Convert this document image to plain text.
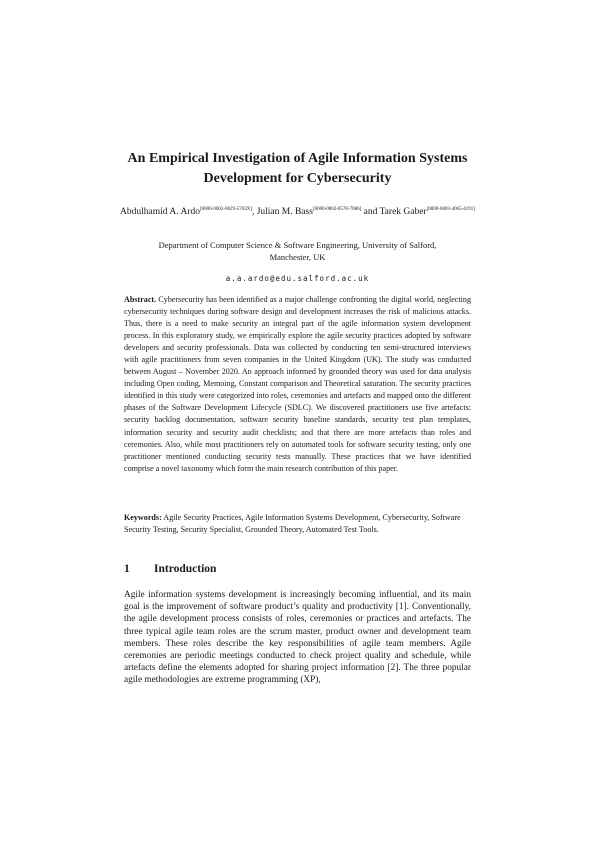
An Empirical Investigation of Agile Information Systems
Development for Cybersecurity
Abdulhamid A. Ardo[0000-0002-0829-5703X], Julian M. Bass[0000-0002-0570-7086] and Tarek Gaber[0000-0003-4065-4191]
Department of Computer Science & Software Engineering, University of Salford, Manchester, UK
a.a.ardo@edu.salford.ac.uk
Abstract. Cybersecurity has been identified as a major challenge confronting the digital world, neglecting cybersecurity techniques during software design and development increases the risk of malicious attacks. Thus, there is a need to make security an integral part of the agile information system development process. In this exploratory study, we empirically explore the agile security practices adopted by software developers and security professionals. Data was collected by conducting ten semi-structured interviews with agile practitioners from seven companies in the United Kingdom (UK). The study was conducted between August – November 2020. An approach informed by grounded theory was used for data analysis including Open coding, Memoing, Constant comparison and Theoretical saturation. The security practices identified in this study were categorized into roles, ceremonies and artefacts and mapped onto the different phases of the Software Development Lifecycle (SDLC). We discovered practitioners use five artefacts: security backlog documentation, software security baseline standards, security test plan templates, information security and security audit checklists; and that there are more artefacts than roles and ceremonies. Also, while most practitioners rely on automated tools for software security testing, only one practitioner mentioned conducting security tests manually. These practices that we have identified comprise a novel taxonomy which form the main research contribution of this paper.
Keywords: Agile Security Practices, Agile Information Systems Development, Cybersecurity, Software Security Testing, Security Specialist, Grounded Theory, Automated Test Tools.
1 Introduction
Agile information systems development is increasingly becoming influential, and its main goal is the improvement of software product’s quality and productivity [1]. Conventionally, the agile development process consists of roles, ceremonies or practices and artefacts. The three typical agile team roles are the scrum master, product owner and development team members. These roles describe the key responsibilities of agile team members. Agile ceremonies are periodic meetings conducted to check project quality and schedule, while artefacts define the elements adopted for sharing project information [2]. The three popular agile methodologies are extreme programming (XP),
